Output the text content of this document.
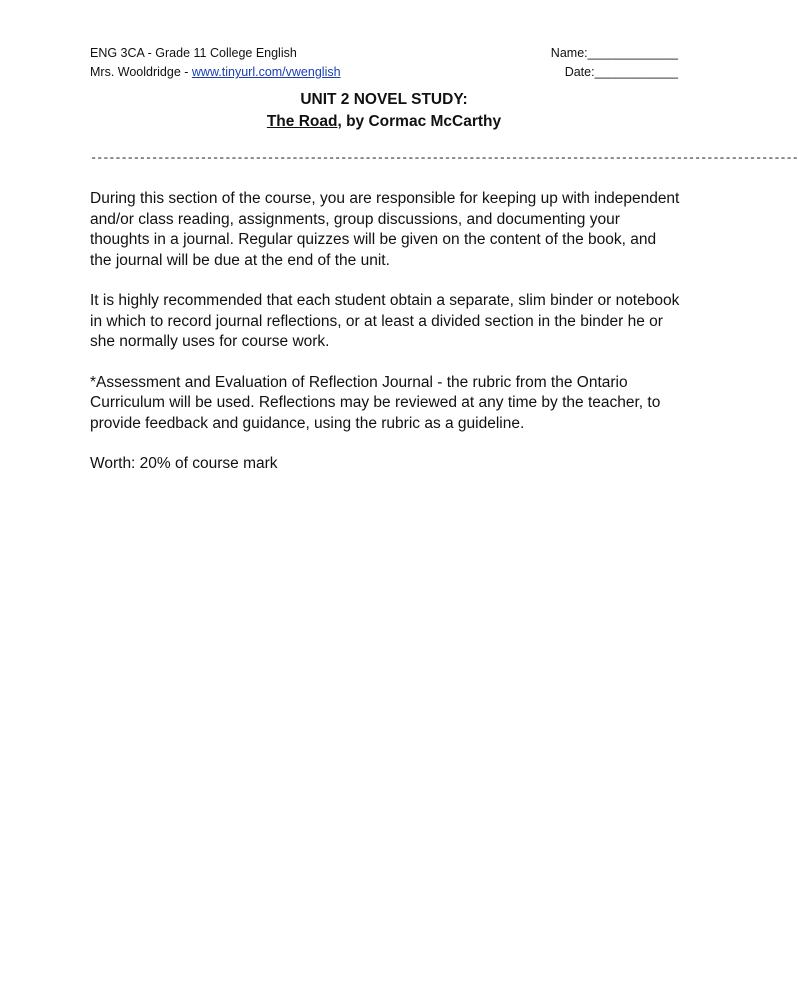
ENG 3CA - Grade 11 College English
Mrs. Wooldridge - www.tinyurl.com/vwenglish
Name:_____________
Date:____________
UNIT 2 NOVEL STUDY:
The Road, by Cormac McCarthy
--------------------------------------------------------------------------------------------------------------------

During this section of the course, you are responsible for keeping up with independent and/or class reading, assignments, group discussions, and documenting your thoughts in a journal. Regular quizzes will be given on the content of the book, and the journal will be due at the end of the unit.

It is highly recommended that each student obtain a separate, slim binder or notebook in which to record journal reflections, or at least a divided section in the binder he or she normally uses for course work.

*Assessment and Evaluation of Reflection Journal - the rubric from the Ontario Curriculum will be used. Reflections may be reviewed at any time by the teacher, to provide feedback and guidance, using the rubric as a guideline.

Worth: 20% of course mark
